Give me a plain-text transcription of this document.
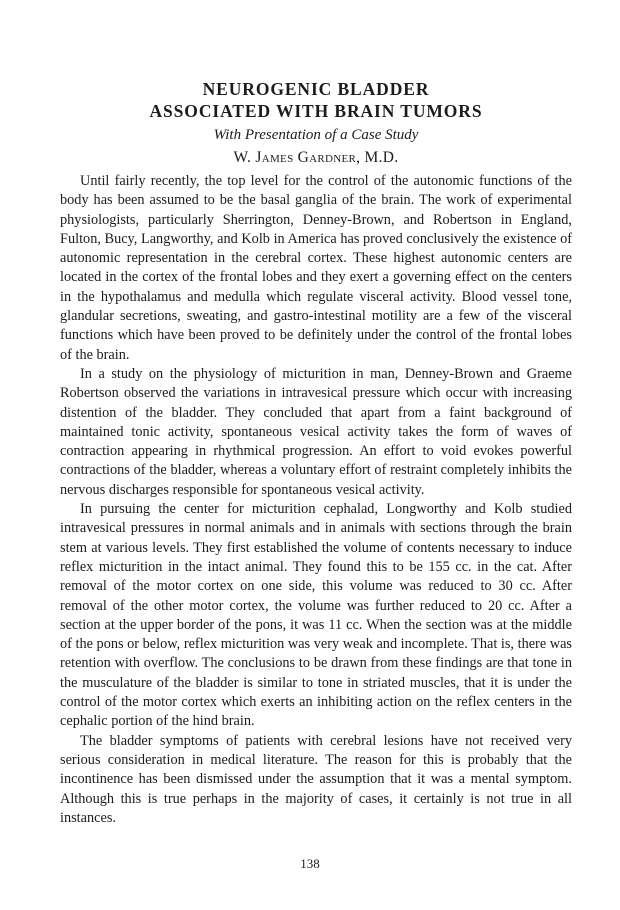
NEUROGENIC BLADDER
ASSOCIATED WITH BRAIN TUMORS

With Presentation of a Case Study

W. James Gardner, M.D.

Until fairly recently, the top level for the control of the autonomic functions of the body has been assumed to be the basal ganglia of the brain. The work of experimental physiologists, particularly Sherrington, Denney-Brown, and Robertson in England, Fulton, Bucy, Langworthy, and Kolb in America has proved conclusively the existence of autonomic representation in the cerebral cortex. These highest autonomic centers are located in the cortex of the frontal lobes and they exert a governing effect on the centers in the hypothalamus and medulla which regulate visceral activity. Blood vessel tone, glandular secretions, sweating, and gastro-intestinal motility are a few of the visceral functions which have been proved to be definitely under the control of the frontal lobes of the brain.

In a study on the physiology of micturition in man, Denney-Brown and Graeme Robertson observed the variations in intravesical pressure which occur with increasing distention of the bladder. They concluded that apart from a faint background of maintained tonic activity, spontaneous vesical activity takes the form of waves of contraction appearing in rhythmical progression. An effort to void evokes powerful contractions of the bladder, whereas a voluntary effort of restraint completely inhibits the nervous discharges responsible for spontaneous vesical activity.

In pursuing the center for micturition cephalad, Longworthy and Kolb studied intravesical pressures in normal animals and in animals with sections through the brain stem at various levels. They first established the volume of contents necessary to induce reflex micturition in the intact animal. They found this to be 155 cc. in the cat. After removal of the motor cortex on one side, this volume was reduced to 30 cc. After removal of the other motor cortex, the volume was further reduced to 20 cc. After a section at the upper border of the pons, it was 11 cc. When the section was at the middle of the pons or below, reflex micturition was very weak and incomplete. That is, there was retention with overflow. The conclusions to be drawn from these findings are that tone in the musculature of the bladder is similar to tone in striated muscles, that it is under the control of the motor cortex which exerts an inhibiting action on the reflex centers in the cephalic portion of the hind brain.

The bladder symptoms of patients with cerebral lesions have not received very serious consideration in medical literature. The reason for this is probably that the incontinence has been dismissed under the assumption that it was a mental symptom. Although this is true perhaps in the majority of cases, it certainly is not true in all instances.

138
